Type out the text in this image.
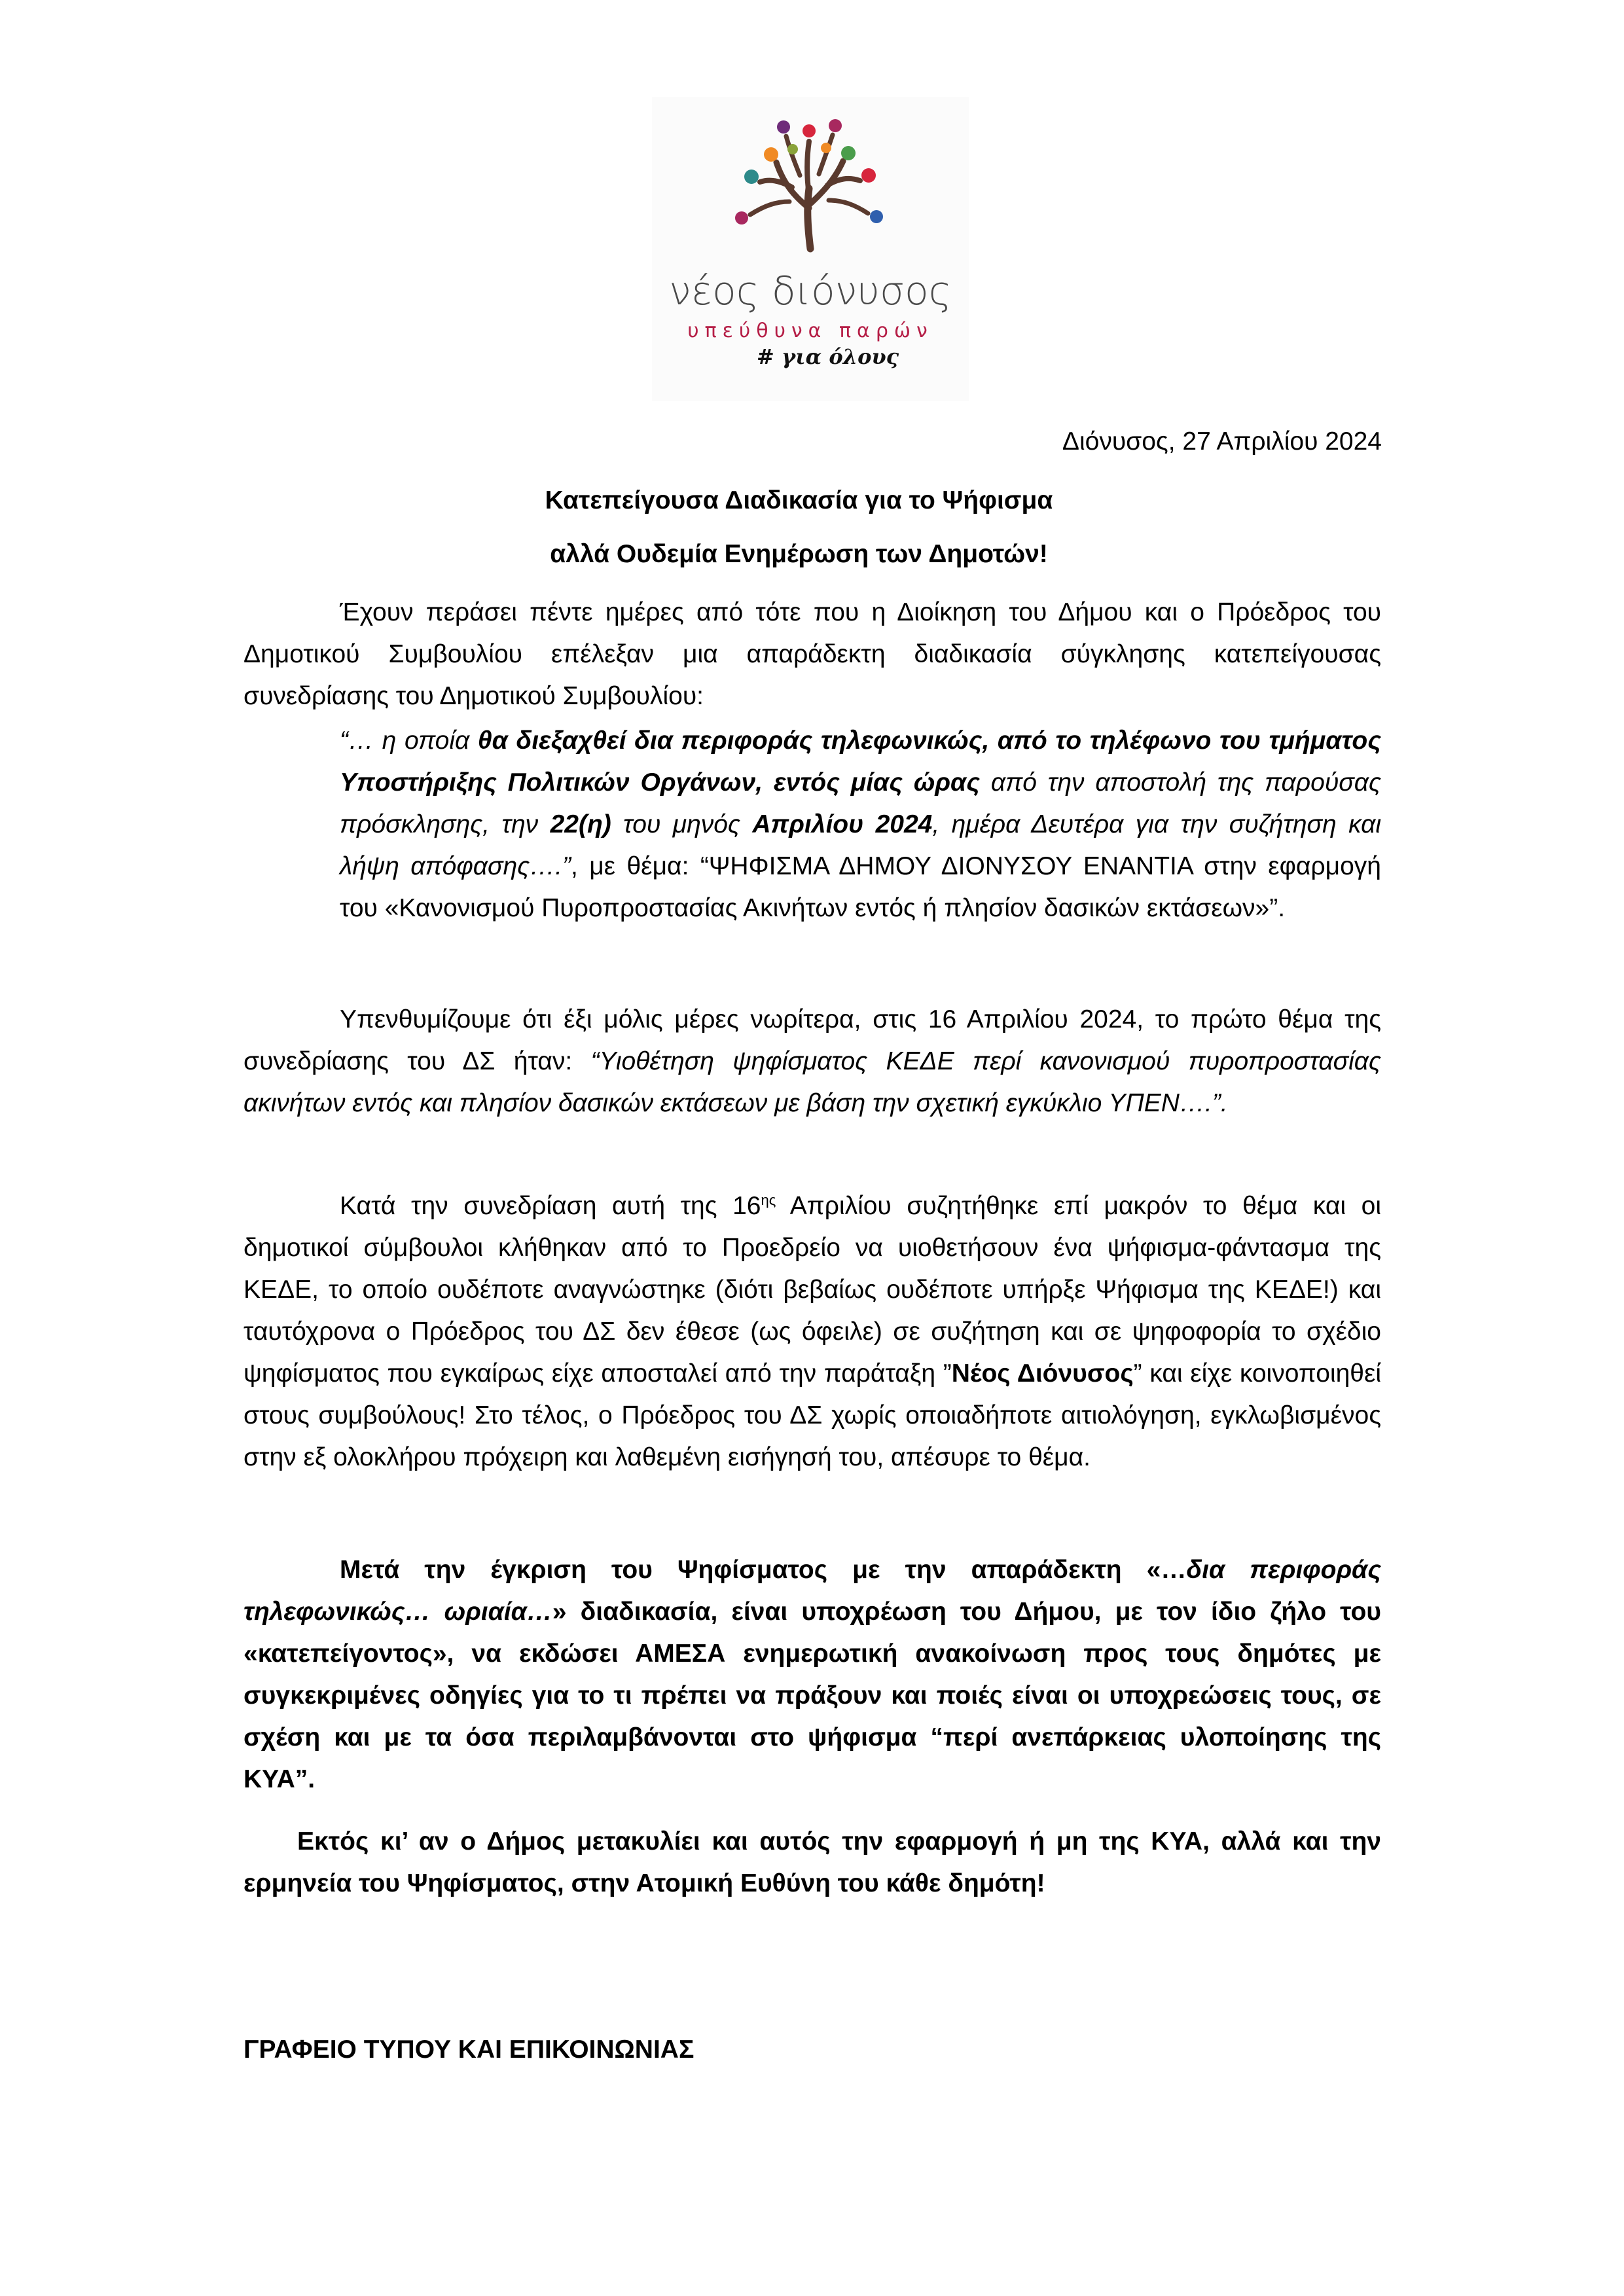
νέος διόνυσος
υπεύθυνα παρών
# για όλους
Διόνυσος, 27 Απριλίου 2024
Κατεπείγουσα Διαδικασία για το Ψήφισμα
αλλά Ουδεμία Ενημέρωση των Δημοτών!
Έχουν περάσει πέντε ημέρες από τότε που η Διοίκηση του Δήμου και ο Πρόεδρος του Δημοτικού Συμβουλίου επέλεξαν μια απαράδεκτη διαδικασία σύγκλησης κατεπείγουσας συνεδρίασης του Δημοτικού Συμβουλίου:
“… η οποία θα διεξαχθεί δια περιφοράς τηλεφωνικώς, από το τηλέφωνο του τμήματος Υποστήριξης Πολιτικών Οργάνων, εντός μίας ώρας από την αποστολή της παρούσας πρόσκλησης, την 22(η) του μηνός Απριλίου 2024, ημέρα Δευτέρα για την συζήτηση και λήψη απόφασης….”, με θέμα: “ΨΗΦΙΣΜΑ ΔΗΜΟΥ ΔΙΟΝΥΣΟΥ ΕΝΑΝΤΙΑ στην εφαρμογή του «Κανονισμού Πυροπροστασίας Ακινήτων εντός ή πλησίον δασικών εκτάσεων»”.
Υπενθυμίζουμε ότι έξι μόλις μέρες νωρίτερα, στις 16 Απριλίου 2024, το πρώτο θέμα της συνεδρίασης του ΔΣ ήταν: “Υιοθέτηση ψηφίσματος ΚΕΔΕ περί κανονισμού πυροπροστασίας ακινήτων εντός και πλησίον δασικών εκτάσεων με βάση την σχετική εγκύκλιο ΥΠΕΝ….”.
Κατά την συνεδρίαση αυτή της $16^{\eta\varsigma}$ Απριλίου συζητήθηκε επί μακρόν το θέμα και οι δημοτικοί σύμβουλοι κλήθηκαν από το Προεδρείο να υιοθετήσουν ένα ψήφισμα-φάντασμα της ΚΕΔΕ, το οποίο ουδέποτε αναγνώστηκε (διότι βεβαίως ουδέποτε υπήρξε Ψήφισμα της ΚΕΔΕ!) και ταυτόχρονα ο Πρόεδρος του ΔΣ δεν έθεσε (ως όφειλε) σε συζήτηση και σε ψηφοφορία το σχέδιο ψηφίσματος που εγκαίρως είχε αποσταλεί από την παράταξη ”Νέος Διόνυσος” και είχε κοινοποιηθεί στους συμβούλους! Στο τέλος, ο Πρόεδρος του ΔΣ χωρίς οποιαδήποτε αιτιολόγηση, εγκλωβισμένος στην εξ ολοκλήρου πρόχειρη και λαθεμένη εισήγησή του, απέσυρε το θέμα.
Μετά την έγκριση του Ψηφίσματος με την απαράδεκτη «…δια περιφοράς τηλεφωνικώς… ωριαία…» διαδικασία, είναι υποχρέωση του Δήμου, με τον ίδιο ζήλο του «κατεπείγοντος», να εκδώσει ΑΜΕΣΑ ενημερωτική ανακοίνωση προς τους δημότες με συγκεκριμένες οδηγίες για το τι πρέπει να πράξουν και ποιές είναι οι υποχρεώσεις τους, σε σχέση και με τα όσα περιλαμβάνονται στο ψήφισμα “περί ανεπάρκειας υλοποίησης της ΚΥΑ”.
Εκτός κι’ αν ο Δήμος μετακυλίει και αυτός την εφαρμογή ή μη της ΚΥΑ, αλλά και την ερμηνεία του Ψηφίσματος, στην Ατομική Ευθύνη του κάθε δημότη!
ΓΡΑΦΕΙΟ ΤΥΠΟΥ ΚΑΙ ΕΠΙΚΟΙΝΩΝΙΑΣ
